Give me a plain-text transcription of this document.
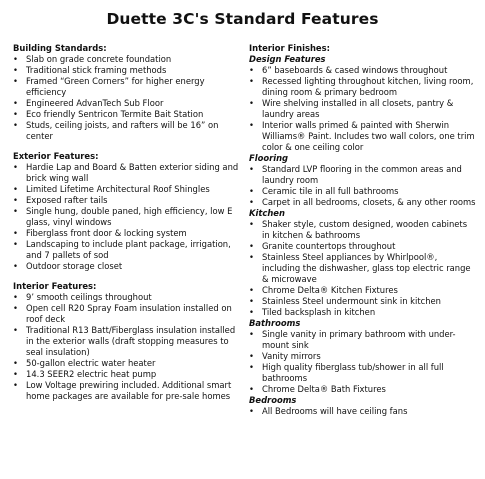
Duette 3C's Standard Features
Building Standards:
• Slab on grade concrete foundation
• Traditional stick framing methods
• Framed “Green Corners” for higher energy efficiency
• Engineered AdvanTech Sub Floor
• Eco friendly Sentricon Termite Bait Station
• Studs, ceiling joists, and rafters will be 16” on center
Exterior Features:
• Hardie Lap and Board & Batten exterior siding and brick wing wall
• Limited Lifetime Architectural Roof Shingles
• Exposed rafter tails
• Single hung, double paned, high efficiency, low E glass, vinyl windows
• Fiberglass front door & locking system
• Landscaping to include plant package, irrigation, and 7 pallets of sod
• Outdoor storage closet
Interior Features:
• 9’ smooth ceilings throughout
• Open cell R20 Spray Foam insulation installed on roof deck
• Traditional R13 Batt/Fiberglass insulation installed in the exterior walls (draft stopping measures to seal insulation)
• 50-gallon electric water heater
• 14.3 SEER2 electric heat pump
• Low Voltage prewiring included. Additional smart home packages are available for pre-sale homes
Interior Finishes:
Design Features
• 6” baseboards & cased windows throughout
• Recessed lighting throughout kitchen, living room, dining room & primary bedroom
• Wire shelving installed in all closets, pantry & laundry areas
• Interior walls primed & painted with Sherwin Williams® Paint. Includes two wall colors, one trim color & one ceiling color
Flooring
• Standard LVP flooring in the common areas and laundry room
• Ceramic tile in all full bathrooms
• Carpet in all bedrooms, closets, & any other rooms
Kitchen
• Shaker style, custom designed, wooden cabinets in kitchen & bathrooms
• Granite countertops throughout
• Stainless Steel appliances by Whirlpool®, including the dishwasher, glass top electric range & microwave
• Chrome Delta® Kitchen Fixtures
• Stainless Steel undermount sink in kitchen
• Tiled backsplash in kitchen
Bathrooms
• Single vanity in primary bathroom with under-mount sink
• Vanity mirrors
• High quality fiberglass tub/shower in all full bathrooms
• Chrome Delta® Bath Fixtures
Bedrooms
• All Bedrooms will have ceiling fans
